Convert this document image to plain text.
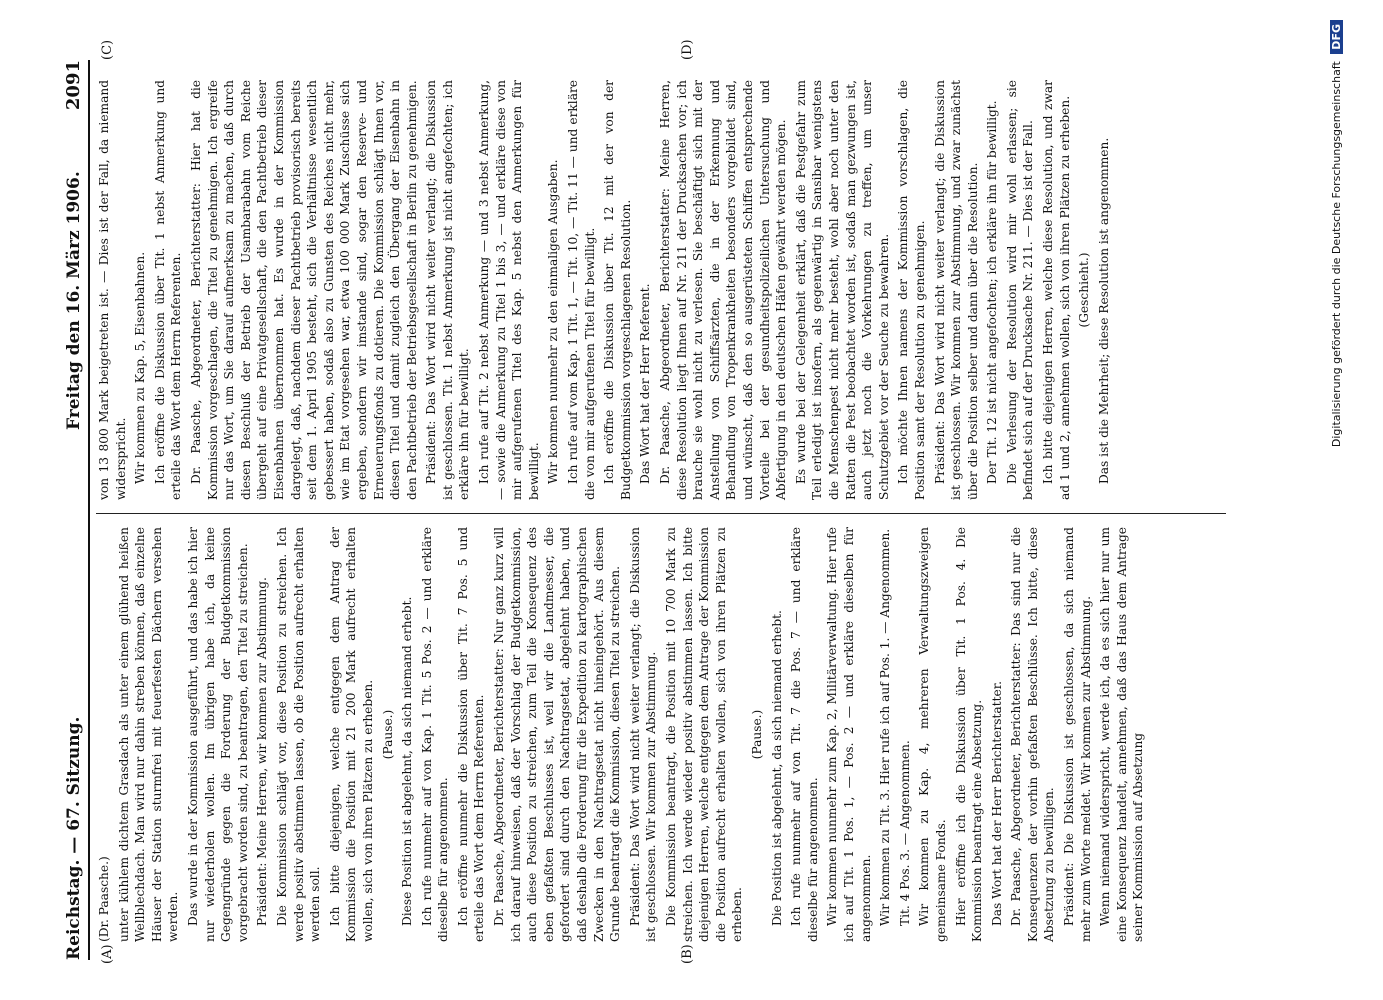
Reichstag. — 67. Sitzung.
Freitag den 16. März 1906.
2091
(A)	(B)
(C)	(D)

(Dr. Paasche.) unter kühlem dichtem Grasdach als unter einem glühend heißen Wellblechdach. Man wird nur dahin streben können, daß einzelne Häuser der Station sturmfrei mit feuerfesten Dächern versehen werden. Das wurde in der Kommission ausgeführt, und das habe ich hier nur wiederholen wollen. Im übrigen habe ich, da keine Gegengründe gegen die Forderung der Budgetkommission vorgebracht worden sind, zu beantragen, den Titel zu streichen. Präsident: Meine Herren, wir kommen zur Abstimmung. Die Kommission schlägt vor, diese Position zu streichen. Ich werde positiv abstimmen lassen, ob die Position aufrecht erhalten werden soll. Ich bitte diejenigen, welche entgegen dem Antrag der Kommission die Position mit 21 200 Mark aufrecht erhalten wollen, sich von ihren Plätzen zu erheben. (Pause.) Diese Position ist abgelehnt, da sich niemand erhebt. Ich rufe nunmehr auf von Kap. 1 Tit. 5 Pos. 2 — und erkläre dieselbe für angenommen. Ich eröffne nunmehr die Diskussion über Tit. 7 Pos. 5 und erteile das Wort dem Herrn Referenten. Dr. Paasche, Abgeordneter, Berichterstatter: Nur ganz kurz will ich darauf hinweisen, daß der Vorschlag der Budgetkommission, auch diese Position zu streichen, zum Teil die Konsequenz des eben gefaßten Beschlusses ist, weil wir die Landmesser, die gefordert sind durch den Nachtragsetat, abgelehnt haben, und daß deshalb die Forderung für die Expedition zu kartographischen Zwecken in den Nachtragsetat nicht hineingehört. Aus diesem Grunde beantragt die Kommission, diesen Titel zu streichen. Präsident: Das Wort wird nicht weiter verlangt; die Diskussion ist geschlossen. Wir kommen zur Abstimmung. Die Kommission beantragt, die Position mit 10 700 Mark zu streichen. Ich werde wieder positiv abstimmen lassen. Ich bitte diejenigen Herren, welche entgegen dem Antrage der Kommission die Position aufrecht erhalten wollen, sich von ihren Plätzen zu erheben.

(Pause.) Die Position ist abgelehnt, da sich niemand erhebt. Ich rufe nunmehr auf von Tit. 7 die Pos. 7 — und erkläre dieselbe für angenommen. Wir kommen nunmehr zum Kap. 2, Militärverwaltung. Hier rufe ich auf Tit. 1 Pos. 1, — Pos. 2 — und erkläre dieselben für angenommen. Wir kommen zu Tit. 3. Hier rufe ich auf Pos. 1. — Angenommen. Tit. 4 Pos. 3. — Angenommen. Wir kommen zu Kap. 4, mehreren Verwaltungszweigen gemeinsame Fonds. Hier eröffne ich die Diskussion über Tit. 1 Pos. 4. Die Kommission beantragt eine Absetzung. Das Wort hat der Herr Berichterstatter. Dr. Paasche, Abgeordneter, Berichterstatter: Das sind nur die Konsequenzen der vorhin gefaßten Beschlüsse. Ich bitte, diese Absetzung zu bewilligen. Präsident: Die Diskussion ist geschlossen, da sich niemand mehr zum Worte meldet. Wir kommen zur Abstimmung. Wenn niemand widerspricht, werde ich, da es sich hier nur um eine Konsequenz handelt, annehmen, daß das Haus dem Antrage seiner Kommission auf Absetzung

von 13 800 Mark beigetreten ist. — Dies ist der Fall, da niemand widerspricht. Wir kommen zu Kap. 5, Eisenbahnen. Ich eröffne die Diskussion über Tit. 1 nebst Anmerkung und erteile das Wort dem Herrn Referenten. Dr. Paasche, Abgeordneter, Berichterstatter: Hier hat die Kommission vorgeschlagen, die Titel zu genehmigen. Ich ergreife nur das Wort, um Sie darauf aufmerksam zu machen, daß durch diesen Beschluß der Betrieb der Usambarabahn vom Reiche übergeht auf eine Privatgesellschaft, die den Pachtbetrieb dieser Eisenbahnen übernommen hat. Es wurde in der Kommission dargelegt, daß, nachdem dieser Pachtbetrieb provisorisch bereits seit dem 1. April 1905 besteht, sich die Verhältnisse wesentlich gebessert haben, sodaß also zu Gunsten des Reiches nicht mehr, wie im Etat vorgesehen war, etwa 100 000 Mark Zuschüsse sich ergeben, sondern wir imstande sind, sogar den Reserve- und Erneuerungsfonds zu dotieren. Die Kommission schlägt Ihnen vor, diesen Titel und damit zugleich den Übergang der Eisenbahn in den Pachtbetrieb der Betriebsgesellschaft in Berlin zu genehmigen. Präsident: Das Wort wird nicht weiter verlangt; die Diskussion ist geschlossen. Tit. 1 nebst Anmerkung ist nicht angefochten; ich erkläre ihn für bewilligt. Ich rufe auf Tit. 2 nebst Anmerkung — und 3 nebst Anmerkung, — sowie die Anmerkung zu Titel 1 bis 3, — und erkläre diese von mir aufgerufenen Titel des Kap. 5 nebst den Anmerkungen für bewilligt. Wir kommen nunmehr zu den einmaligen Ausgaben. Ich rufe auf vom Kap. 1 Tit. 1, — Tit. 10, — Tit. 11 — und erkläre die von mir aufgerufenen Titel für bewilligt. Ich eröffne die Diskussion über Tit. 12 mit der von der Budgetkommission vorgeschlagenen Resolution. Das Wort hat der Herr Referent. Dr. Paasche, Abgeordneter, Berichterstatter: Meine Herren, diese Resolution liegt Ihnen auf Nr. 211 der Drucksachen vor; ich brauche sie wohl nicht zu verlesen. Sie beschäftigt sich mit der Anstellung von Schiffsärzten, die in der Erkennung und Behandlung von Tropenkrankheiten besonders vorgebildet sind, und wünscht, daß den so ausgerüsteten Schiffen entsprechende Vorteile bei der gesundheitspolizeilichen Untersuchung und Abfertigung in den deutschen Häfen gewährt werden mögen. Es wurde bei der Gelegenheit erklärt, daß die Pestgefahr zum Teil erledigt ist insofern, als gegenwärtig in Sansibar wenigstens die Menschenpest nicht mehr besteht, wohl aber noch unter den Ratten die Pest beobachtet worden ist, sodaß man gezwungen ist, auch jetzt noch die Vorkehrungen zu treffen, um unser Schutzgebiet vor der Seuche zu bewahren. Ich möchte Ihnen namens der Kommission vorschlagen, die Position samt der Resolution zu genehmigen. Präsident: Das Wort wird nicht weiter verlangt; die Diskussion ist geschlossen. Wir kommen zur Abstimmung, und zwar zunächst über die Position selber und dann über die Resolution. Der Tit. 12 ist nicht angefochten; ich erkläre ihn für bewilligt. Die Verlesung der Resolution wird mir wohl erlassen; sie befindet sich auf der Drucksache Nr. 211. — Dies ist der Fall. Ich bitte diejenigen Herren, welche diese Resolution, und zwar ad 1 und 2, annehmen wollen, sich von ihren Plätzen zu erheben. (Geschieht.) Das ist die Mehrheit; diese Resolution ist angenommen.	Digitalisierung gefördert durch die Deutsche Forschungsgemeinschaft DFG
